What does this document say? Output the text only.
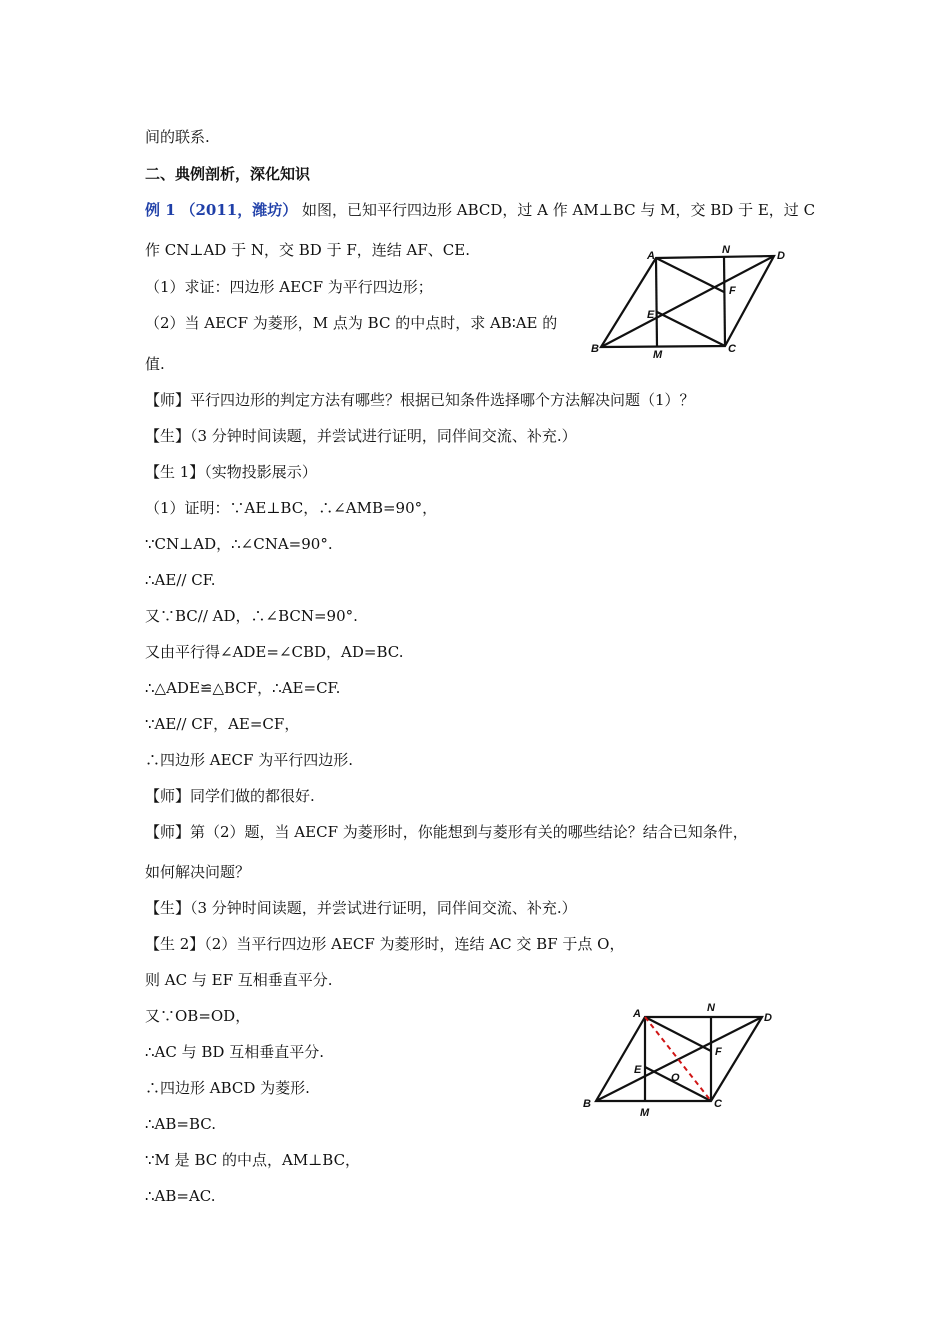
间的联系.
二、典例剖析，深化知识
例 1 （2011，潍坊） 如图，已知平行四边形 ABCD，过 A 作 AM⊥BC 与 M，交 BD 于 E，过 C
作 CN⊥AD 于 N，交 BD 于 F，连结 AF、CE.
（1）求证：四边形 AECF 为平行四边形；
（2）当 AECF 为菱形，M 点为 BC 的中点时，求 AB∶AE 的
值.
【师】平行四边形的判定方法有哪些？根据已知条件选择哪个方法解决问题（1）？
【生】（3 分钟时间读题，并尝试进行证明，同伴间交流、补充.）
【生 1】（实物投影展示）
（1）证明：∵AE⊥BC，∴∠AMB=90°，
∵CN⊥AD，∴∠CNA=90°.
∴AE// CF.
又∵BC// AD，∴∠BCN=90°.
又由平行得∠ADE=∠CBD，AD=BC.
∴△ADE≌△BCF，∴AE=CF.
∵AE// CF，AE=CF，
∴四边形 AECF 为平行四边形.
【师】同学们做的都很好.
【师】第（2）题，当 AECF 为菱形时，你能想到与菱形有关的哪些结论？结合已知条件，
如何解决问题？
【生】（3 分钟时间读题，并尝试进行证明，同伴间交流、补充.）
【生 2】（2）当平行四边形 AECF 为菱形时，连结 AC 交 BF 于点 O，
则 AC 与 EF 互相垂直平分.
又∵OB=OD，
∴AC 与 BD 互相垂直平分.
∴四边形 ABCD 为菱形.
∴AB=BC.
∵M 是 BC 的中点，AM⊥BC，
∴AB=AC.
A	N	D
F
E
B	M	C
A	N
D
F
E
O
B
M
C
